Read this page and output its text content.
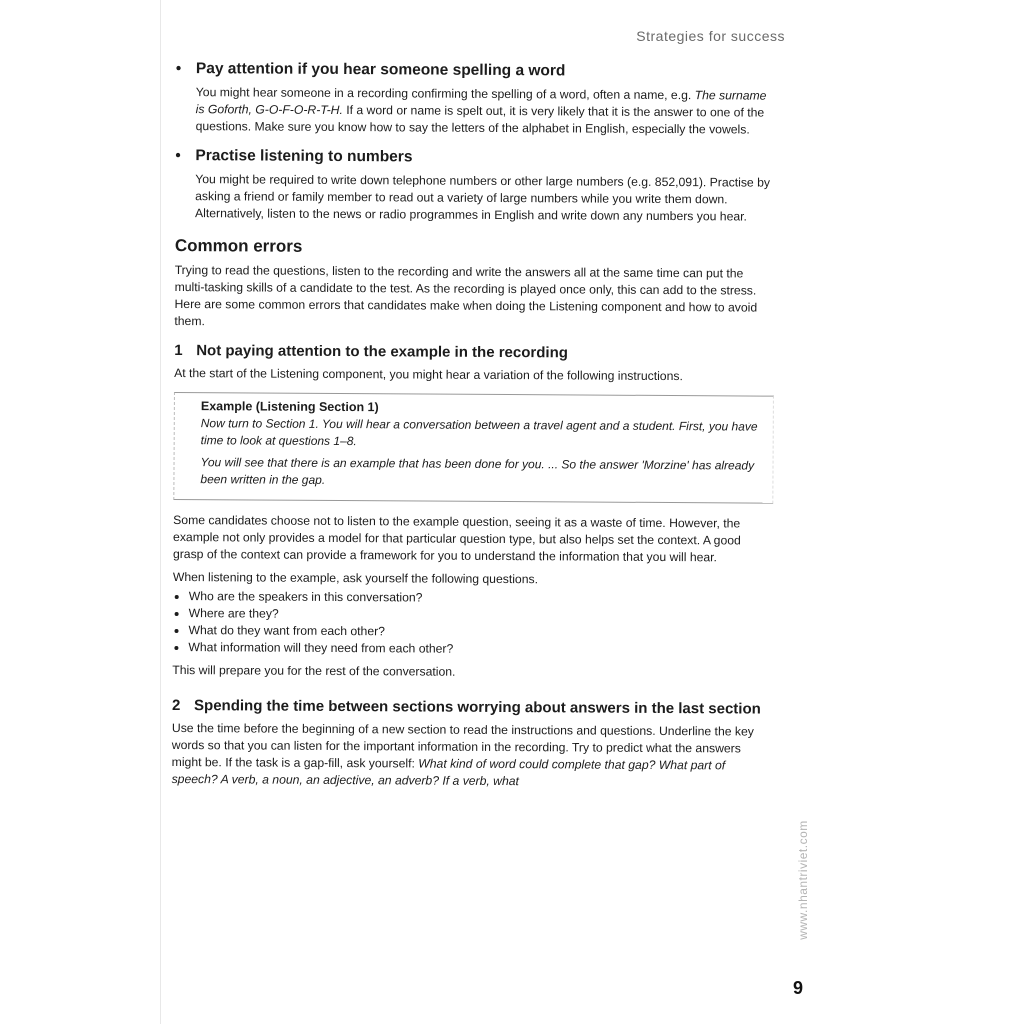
Strategies for success
• Pay attention if you hear someone spelling a word

You might hear someone in a recording confirming the spelling of a word, often a name, e.g. The surname is Goforth, G-O-F-O-R-T-H. If a word or name is spelt out, it is very likely that it is the answer to one of the questions. Make sure you know how to say the letters of the alphabet in English, especially the vowels.

• Practise listening to numbers

You might be required to write down telephone numbers or other large numbers (e.g. 852,091). Practise by asking a friend or family member to read out a variety of large numbers while you write them down. Alternatively, listen to the news or radio programmes in English and write down any numbers you hear.

Common errors

Trying to read the questions, listen to the recording and write the answers all at the same time can put the multi-tasking skills of a candidate to the test. As the recording is played once only, this can add to the stress. Here are some common errors that candidates make when doing the Listening component and how to avoid them.

1 Not paying attention to the example in the recording

At the start of the Listening component, you might hear a variation of the following instructions.

Example (Listening Section 1)

Now turn to Section 1. You will hear a conversation between a travel agent and a student. First, you have time to look at questions 1–8.

You will see that there is an example that has been done for you. ... So the answer 'Morzine' has already been written in the gap.

Some candidates choose not to listen to the example question, seeing it as a waste of time. However, the example not only provides a model for that particular question type, but also helps set the context. A good grasp of the context can provide a framework for you to understand the information that you will hear.

When listening to the example, ask yourself the following questions.

• Who are the speakers in this conversation?
• Where are they?
• What do they want from each other?
• What information will they need from each other?

This will prepare you for the rest of the conversation.

2 Spending the time between sections worrying about answers in the last section

Use the time before the beginning of a new section to read the instructions and questions. Underline the key words so that you can listen for the important information in the recording. Try to predict what the answers might be. If the task is a gap-fill, ask yourself: What kind of word could complete that gap? What part of speech? A verb, a noun, an adjective, an adverb? If a verb, what

www.nhantriviet.com
9
